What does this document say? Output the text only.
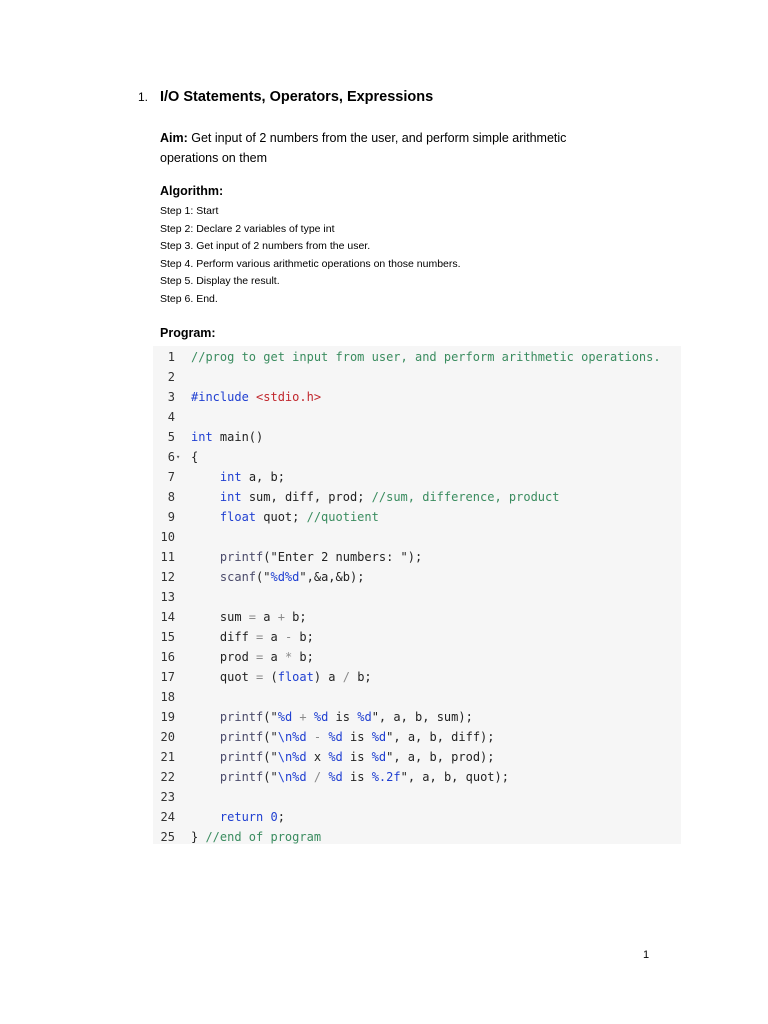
1. I/O Statements, Operators, Expressions
Aim: Get input of 2 numbers from the user, and perform simple arithmetic operations on them
Algorithm:
Step 1: Start
Step 2: Declare 2 variables of type int
Step 3. Get input of 2 numbers from the user.
Step 4. Perform various arithmetic operations on those numbers.
Step 5. Display the result.
Step 6. End.
Program:
1 //prog to get input from user, and perform arithmetic operations.
2
3 #include <stdio.h>
4
5 int main()
6 ▾ {
7	int a, b;
8	int sum, diff, prod; //sum, difference, product
9	float quot; //quotient
10
11	printf("Enter 2 numbers: ");
12	scanf("%d%d",&a,&b);
13
14 sum = a + b;
15 diff = a - b;
16 prod = a * b;
17 quot = (float) a / b;
18
19	printf("%d + %d is %d", a, b, sum);
20	printf("\n%d - %d is %d", a, b, diff);
21	printf("\n%d x %d is %d", a, b, prod);
22	printf("\n%d / %d is %.2f", a, b, quot);
23
24	return 0;
25 } //end of program
1
